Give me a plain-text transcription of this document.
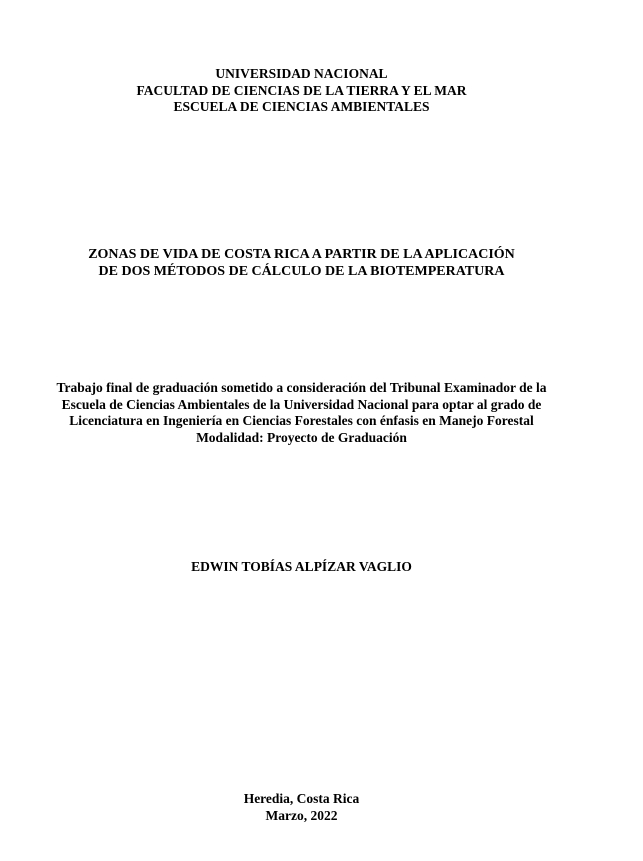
UNIVERSIDAD NACIONAL
FACULTAD DE CIENCIAS DE LA TIERRA Y EL MAR
ESCUELA DE CIENCIAS AMBIENTALES
ZONAS DE VIDA DE COSTA RICA A PARTIR DE LA APLICACIÓN
DE DOS MÉTODOS DE CÁLCULO DE LA BIOTEMPERATURA
Trabajo final de graduación sometido a consideración del Tribunal Examinador de la
Escuela de Ciencias Ambientales de la Universidad Nacional para optar al grado de
Licenciatura en Ingeniería en Ciencias Forestales con énfasis en Manejo Forestal
Modalidad: Proyecto de Graduación
EDWIN TOBÍAS ALPÍZAR VAGLIO
Heredia, Costa Rica
Marzo, 2022
